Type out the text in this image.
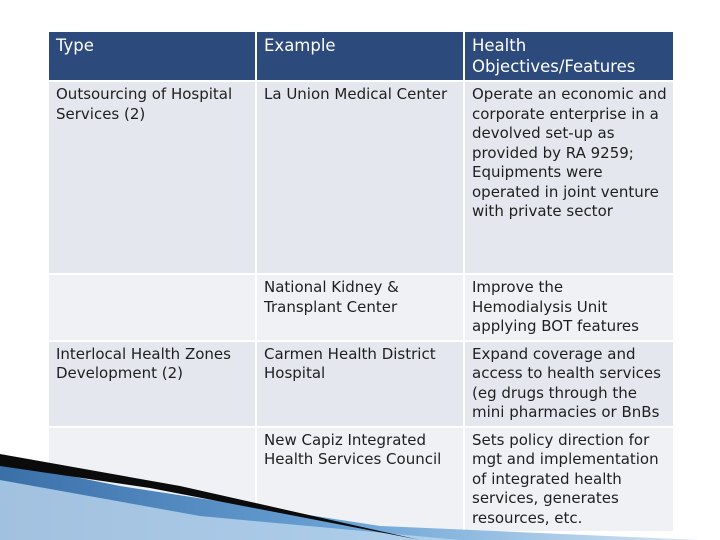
Type	Example	Health Objectives/Features
Outsourcing of Hospital Services (2)	La Union Medical Center	Operate an economic and corporate enterprise in a devolved set-up as provided by RA 9259; Equipments were operated in joint venture with private sector
	National Kidney & Transplant Center	Improve the Hemodialysis Unit applying BOT features
Interlocal Health Zones Development (2)	Carmen Health District Hospital	Expand coverage and access to health services (eg drugs through the mini pharmacies or BnBs
	New Capiz Integrated Health Services Council	Sets policy direction for mgt and implementation of integrated health services, generates resources, etc.
